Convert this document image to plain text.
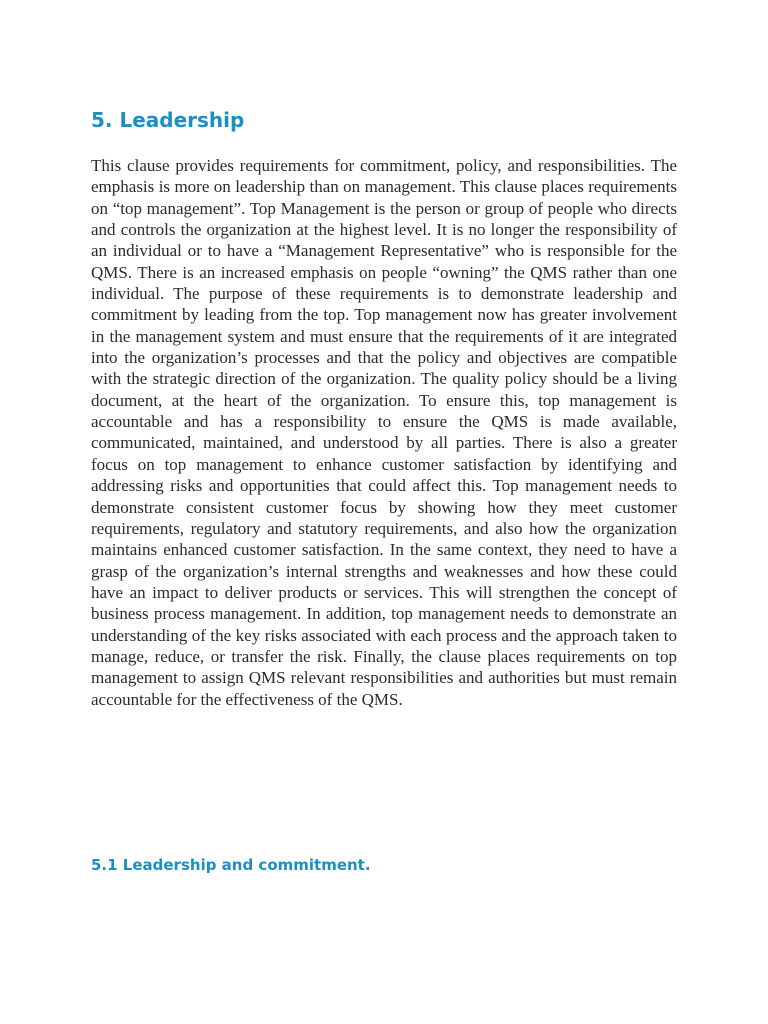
5. Leadership

This clause provides requirements for commitment, policy, and responsibilities. The emphasis is more on leadership than on management. This clause places requirements on “top management”. Top Management is the person or group of people who directs and controls the organization at the highest level. It is no longer the responsibility of an individual or to have a “Management Representative” who is responsible for the QMS. There is an increased emphasis on people “owning” the QMS rather than one individual. The purpose of these requirements is to demonstrate leadership and commitment by leading from the top. Top management now has greater involvement in the management system and must ensure that the requirements of it are integrated into the organization’s processes and that the policy and objectives are compatible with the strategic direction of the organization. The quality policy should be a living document, at the heart of the organization. To ensure this, top management is accountable and has a responsibility to ensure the QMS is made available, communicated, maintained, and understood by all parties. There is also a greater focus on top management to enhance customer satisfaction by identifying and addressing risks and opportunities that could affect this. Top management needs to demonstrate consistent customer focus by showing how they meet customer requirements, regulatory and statutory requirements, and also how the organization maintains enhanced customer satisfaction. In the same context, they need to have a grasp of the organization’s internal strengths and weaknesses and how these could have an impact to deliver products or services. This will strengthen the concept of business process management. In addition, top management needs to demonstrate an understanding of the key risks associated with each process and the approach taken to manage, reduce, or transfer the risk. Finally, the clause places requirements on top management to assign QMS relevant responsibilities and authorities but must remain accountable for the effectiveness of the QMS.

5.1 Leadership and commitment.
